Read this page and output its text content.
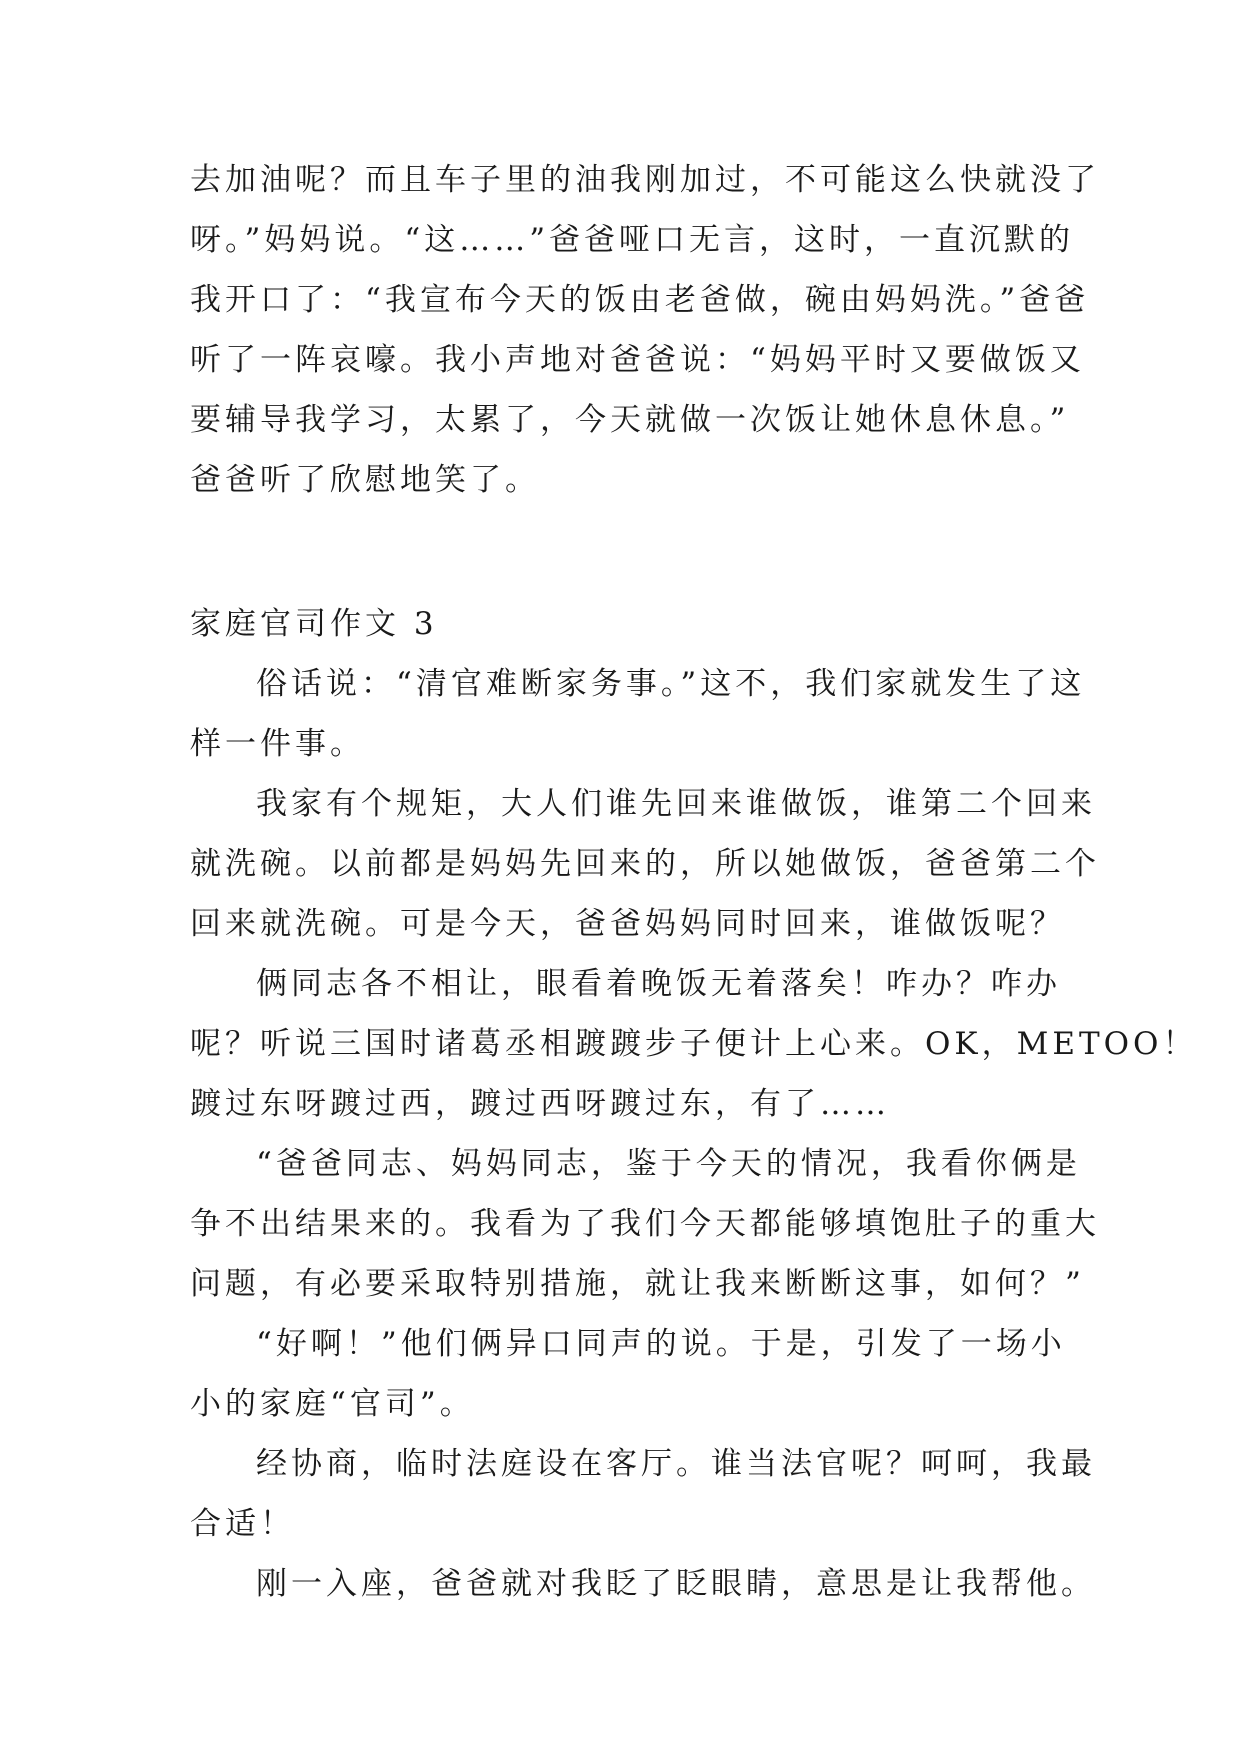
去加油呢？而且车子里的油我刚加过，不可能这么快就没了
呀。”妈妈说。“这……”爸爸哑口无言，这时，一直沉默的
我开口了：“我宣布今天的饭由老爸做，碗由妈妈洗。”爸爸
听了一阵哀嚎。我小声地对爸爸说：“妈妈平时又要做饭又
要辅导我学习，太累了，今天就做一次饭让她休息休息。”
爸爸听了欣慰地笑了。
家庭官司作文 3
俗话说：“清官难断家务事。”这不，我们家就发生了这
样一件事。
我家有个规矩，大人们谁先回来谁做饭，谁第二个回来
就洗碗。以前都是妈妈先回来的，所以她做饭，爸爸第二个
回来就洗碗。可是今天，爸爸妈妈同时回来，谁做饭呢？
俩同志各不相让，眼看着晚饭无着落矣！咋办？咋办
呢？听说三国时诸葛丞相踱踱步子便计上心来。OK，METOO！
踱过东呀踱过西，踱过西呀踱过东，有了……
“爸爸同志、妈妈同志，鉴于今天的情况，我看你俩是
争不出结果来的。我看为了我们今天都能够填饱肚子的重大
问题，有必要采取特别措施，就让我来断断这事，如何？”
“好啊！”他们俩异口同声的说。于是，引发了一场小
小的家庭“官司”。
经协商，临时法庭设在客厅。谁当法官呢？呵呵，我最
合适！
刚一入座，爸爸就对我眨了眨眼睛，意思是让我帮他。
